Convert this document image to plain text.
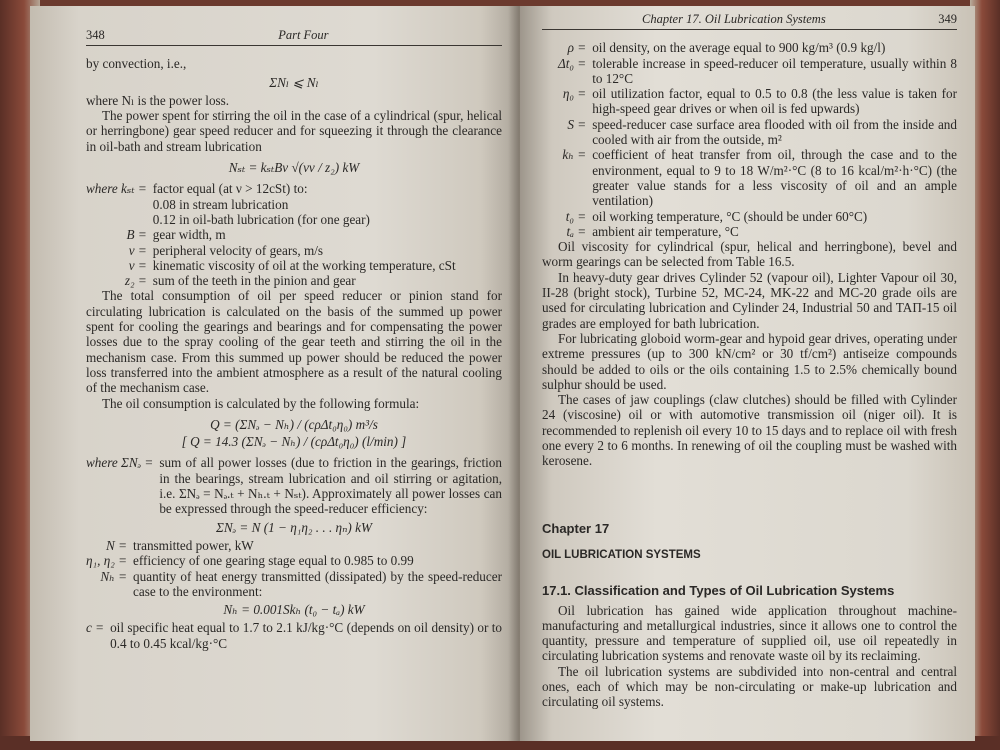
348	Part Four

by convection, i.e.,

ΣNₗ ⩽ Nₗ

where Nₗ is the power loss.

The power spent for stirring the oil in the case of a cylindrical (spur, helical or herringbone) gear speed reducer and for squeezing it through the clearance in oil-bath and stream lubrication

Nₛₜ = kₛₜBv √(νv / z₂) kW
where kₛₜ = factor equal (at ν > 12cSt) to:
0.08 in stream lubrication
0.12 in oil-bath lubrication (for one gear)
B = gear width, m
v = peripheral velocity of gears, m/s
ν = kinematic viscosity of oil at the working temperature, cSt
z₂ = sum of the teeth in the pinion and gear

The total consumption of oil per speed reducer or pinion stand for circulating lubrication is calculated on the basis of the summed up power spent for cooling the gearings and bearings and for compensating the power losses due to the spray cooling of the gear teeth and stirring the oil in the mechanism case. From this summed up power should be reduced the power loss transferred into the ambient atmosphere as a result of the natural cooling of the mechanism case.

The oil consumption is calculated by the following formula:

Q = (ΣNₔ − Nₕ) / (cρΔt₀η₀) m³/s
[ Q = 14.3 (ΣNₔ − Nₕ) / (cρΔt₀η₀) (l/min) ]
where ΣNₔ = sum of all power losses (due to friction in the gearings, friction in the bearings, stream lubrication and oil stirring or agitation, i.e. ΣNₔ = Nₔ.ₜ + Nₕ.ₜ + Nₛₜ). Approximately all power losses can be expressed through the speed-reducer efficiency:
ΣNₔ = N (1 − η₁η₂ . . . ηₙ) kW
N = transmitted power, kW
η₁, η₂ = efficiency of one gearing stage equal to 0.985 to 0.99
Nₕ = quantity of heat energy transmitted (dissipated) by the speed-reducer case to the environment:
Nₕ = 0.001Skₕ (t₀ − tₐ) kW
c = oil specific heat equal to 1.7 to 2.1 kJ/kg·°C (depends on oil density) or to 0.4 to 0.45 kcal/kg·°C
Chapter 17. Oil Lubrication Systems	349
ρ = oil density, on the average equal to 900 kg/m³ (0.9 kg/l)
Δt₀ = tolerable increase in speed-reducer oil temperature, usually within 8 to 12°C
η₀ = oil utilization factor, equal to 0.5 to 0.8 (the less value is taken for high-speed gear drives or when oil is fed upwards)
S = speed-reducer case surface area flooded with oil from the inside and cooled with air from the outside, m²
kₕ = coefficient of heat transfer from oil, through the case and to the environment, equal to 9 to 18 W/m²·°C (8 to 16 kcal/m²·h·°C) (the greater value stands for a less viscosity of oil and an ample ventilation)
t₀ = oil working temperature, °C (should be under 60°C)
tₐ = ambient air temperature, °C

Oil viscosity for cylindrical (spur, helical and herringbone), bevel and worm gearings can be selected from Table 16.5.

In heavy-duty gear drives Cylinder 52 (vapour oil), Lighter Vapour oil 30, II-28 (bright stock), Turbine 52, MC-24, MK-22 and MC-20 grade oils are used for circulating lubrication and Cylinder 24, Industrial 50 and TAП-15 oil grades are employed for bath lubrication.

For lubricating globoid worm-gear and hypoid gear drives, operating under extreme pressures (up to 300 kN/cm² or 30 tf/cm²) antiseize compounds should be added to oils or the oils containing 1.5 to 2.5% chemically bound sulphur should be used.

The cases of jaw couplings (claw clutches) should be filled with Cylinder 24 (viscosine) oil or with automotive transmission oil (niger oil). It is recommended to replenish oil every 10 to 15 days and to replace oil with fresh one every 2 to 6 months. In renewing of oil the coupling must be washed with kerosene.

Chapter 17
OIL LUBRICATION SYSTEMS
17.1. Classification and Types of Oil Lubrication Systems

Oil lubrication has gained wide application throughout machine-manufacturing and metallurgical industries, since it allows one to control the quantity, pressure and temperature of supplied oil, use oil repeatedly in circulating lubrication systems and renovate waste oil by its reclaiming.

The oil lubrication systems are subdivided into non-central and central ones, each of which may be non-circulating or make-up lubrication and circulating oil systems.
